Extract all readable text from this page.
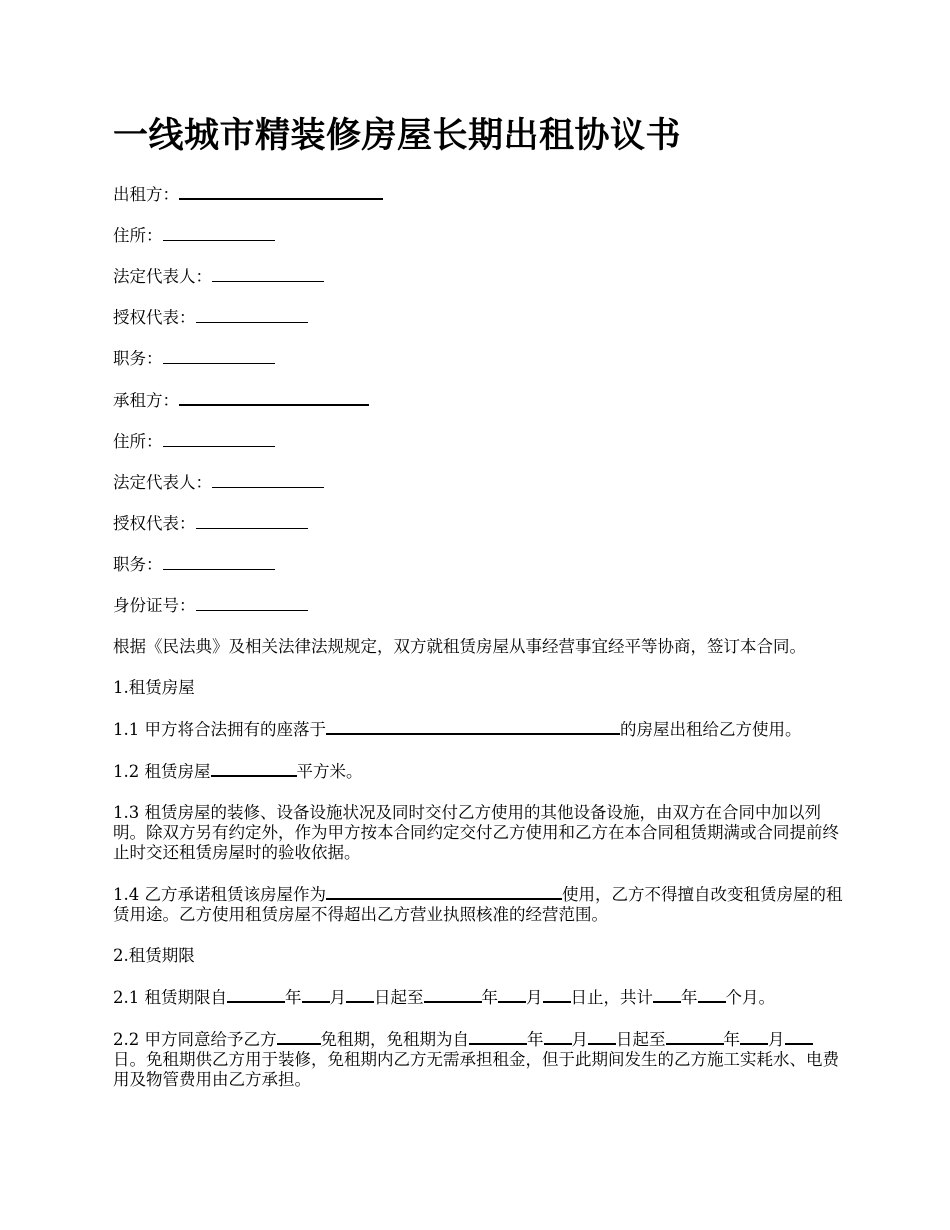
一线城市精装修房屋长期出租协议书
出租方：
住所：
法定代表人：
授权代表：
职务：
承租方：
住所：
法定代表人：
授权代表：
职务：
身份证号：
根据《民法典》及相关法律法规规定，双方就租赁房屋从事经营事宜经平等协商，签订本合同。
1.租赁房屋
1.1 甲方将合法拥有的座落于	的房屋出租给乙方使用。
1.2 租赁房屋	平方米。
1.3 租赁房屋的装修、设备设施状况及同时交付乙方使用的其他设备设施，由双方在合同中加以列明。除双方另有约定外，作为甲方按本合同约定交付乙方使用和乙方在本合同租赁期满或合同提前终止时交还租赁房屋时的验收依据。
1.4 乙方承诺租赁该房屋作为	使用，乙方不得擅自改变租赁房屋的租赁用途。乙方使用租赁房屋不得超出乙方营业执照核准的经营范围。
2.租赁期限
2.1 租赁期限自	年 月 日起至	年 月 日止，共计 年 个月。
2.2 甲方同意给予乙方	免租期，免租期为自	年 月 日起至	年 月日。免租期供乙方用于装修，免租期内乙方无需承担租金，但于此期间发生的乙方施工实耗水、电费用及物管费用由乙方承担。
